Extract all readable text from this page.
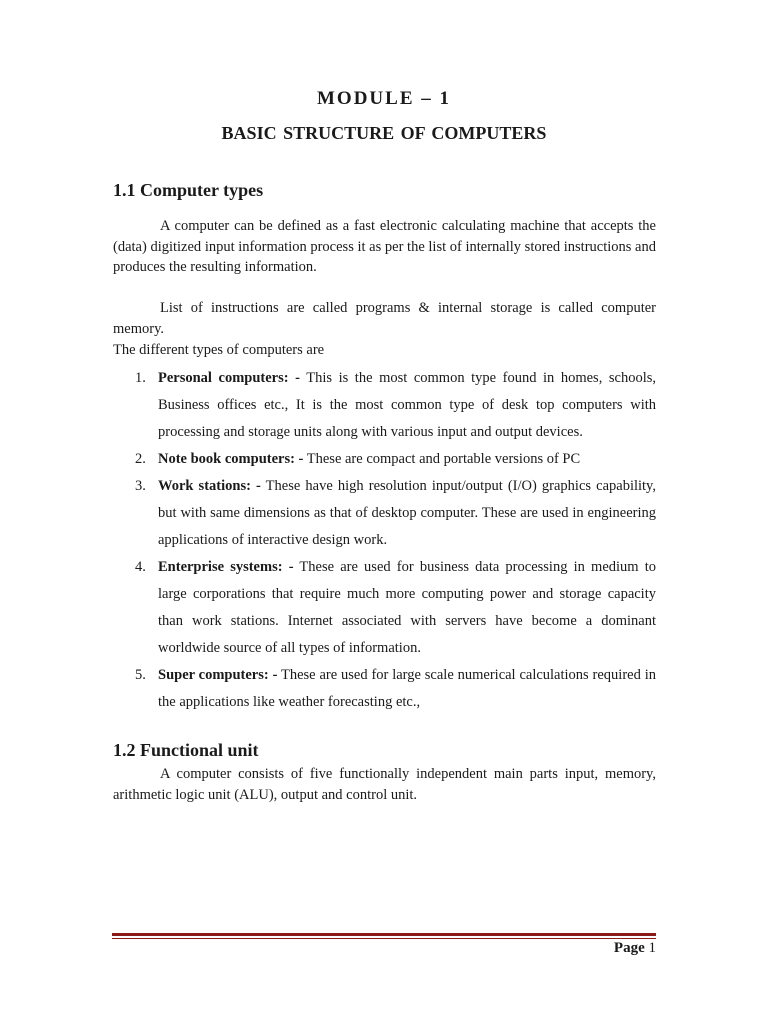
MODULE – 1
BASIC STRUCTURE OF COMPUTERS
1.1 Computer types
A computer can be defined as a fast electronic calculating machine that accepts the (data) digitized input information process it as per the list of internally stored instructions and produces the resulting information.
List of instructions are called programs & internal storage is called computer memory.
The different types of computers are
1. Personal computers: - This is the most common type found in homes, schools, Business offices etc., It is the most common type of desk top computers with processing and storage units along with various input and output devices.
2. Note book computers: - These are compact and portable versions of PC
3. Work stations: - These have high resolution input/output (I/O) graphics capability, but with same dimensions as that of desktop computer. These are used in engineering applications of interactive design work.
4. Enterprise systems: - These are used for business data processing in medium to large corporations that require much more computing power and storage capacity than work stations. Internet associated with servers have become a dominant worldwide source of all types of information.
5. Super computers: - These are used for large scale numerical calculations required in the applications like weather forecasting etc.,
1.2 Functional unit
A computer consists of five functionally independent main parts input, memory, arithmetic logic unit (ALU), output and control unit.
Page 1
